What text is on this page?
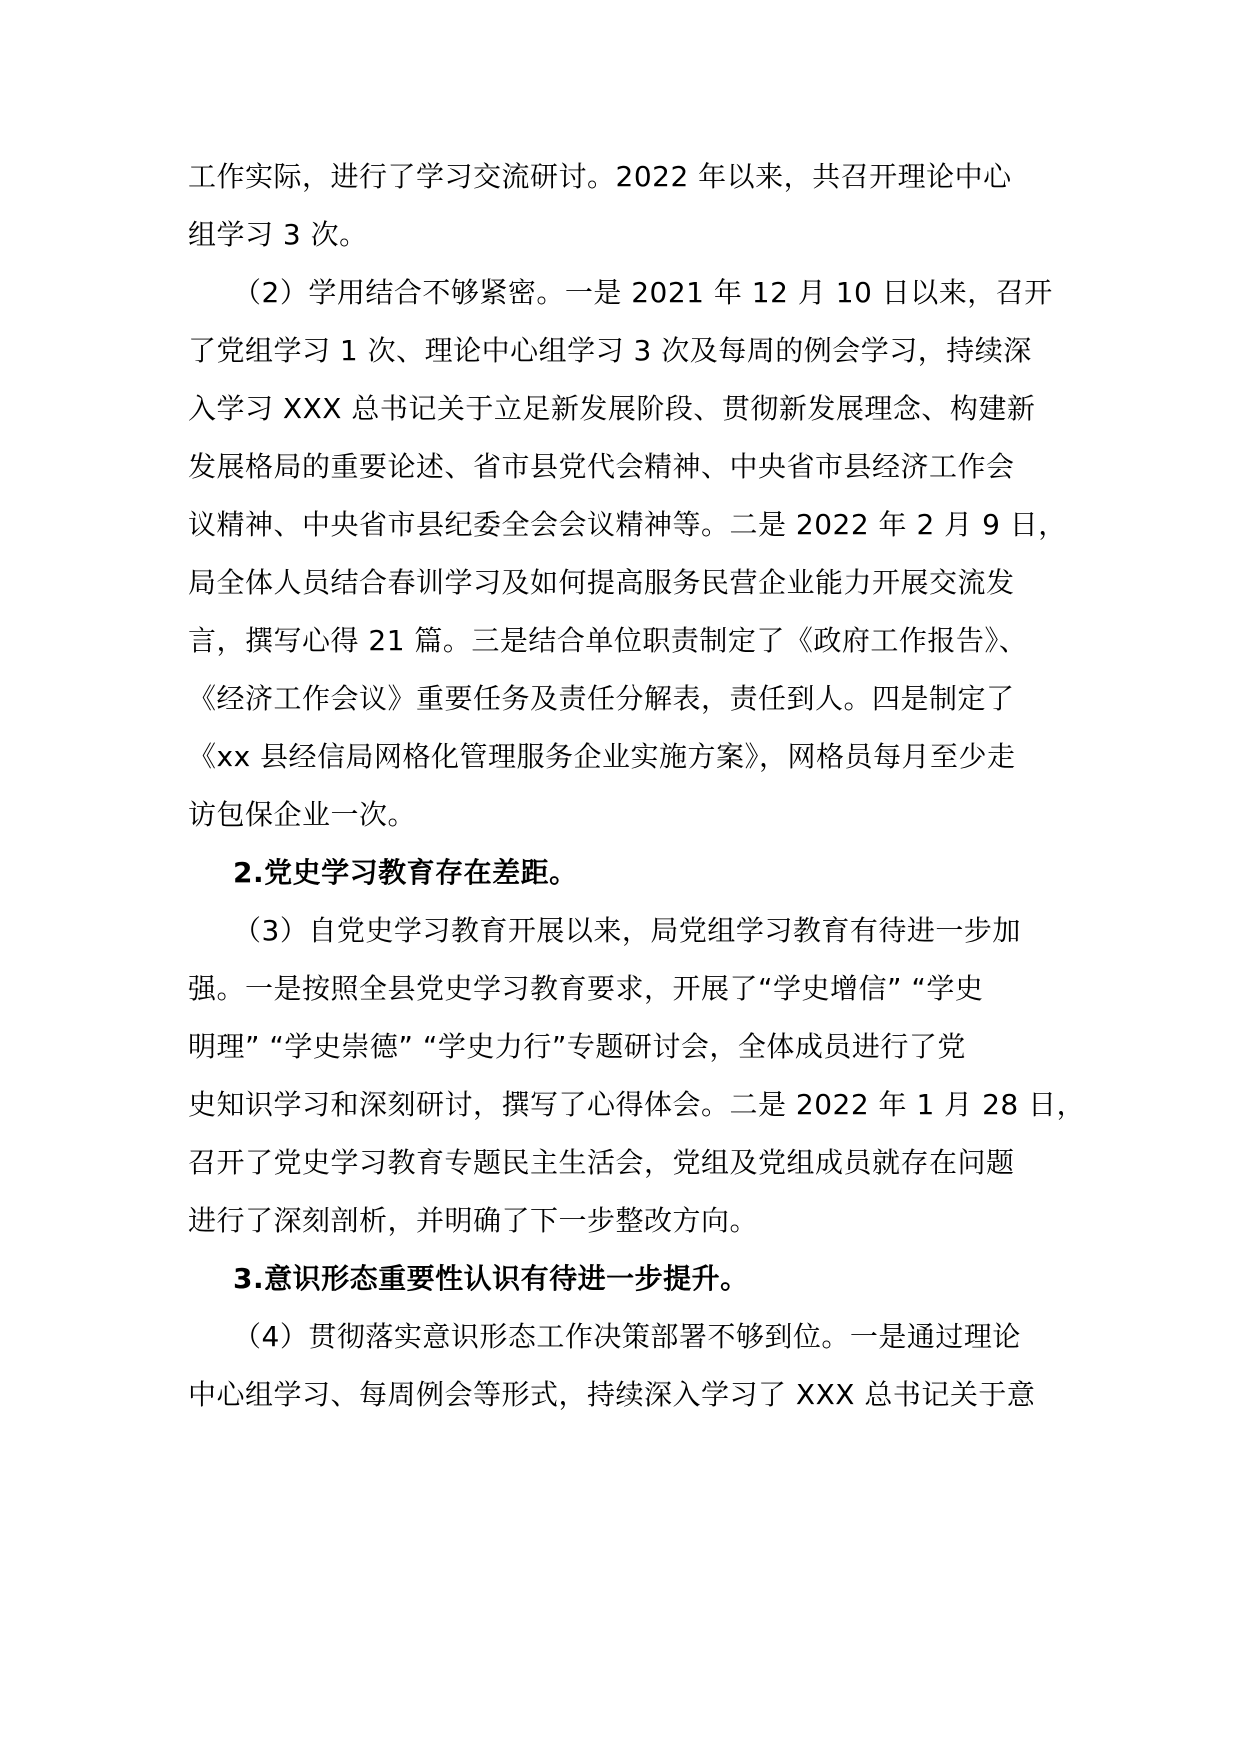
工作实际，进行了学习交流研讨。2022 年以来，共召开理论中心
组学习 3 次。
（2）学用结合不够紧密。一是 2021 年 12 月 10 日以来，召开
了党组学习 1 次、理论中心组学习 3 次及每周的例会学习，持续深
入学习 XXX 总书记关于立足新发展阶段、贯彻新发展理念、构建新
发展格局的重要论述、省市县党代会精神、中央省市县经济工作会
议精神、中央省市县纪委全会会议精神等。二是 2022 年 2 月 9 日，
局全体人员结合春训学习及如何提高服务民营企业能力开展交流发
言，撰写心得 21 篇。三是结合单位职责制定了《政府工作报告》、
《经济工作会议》重要任务及责任分解表，责任到人。四是制定了
《xx 县经信局网格化管理服务企业实施方案》，网格员每月至少走
访包保企业一次。
2.党史学习教育存在差距。
（3）自党史学习教育开展以来，局党组学习教育有待进一步加
强。一是按照全县党史学习教育要求，开展了“学史增信” “学史
明理” “学史崇德” “学史力行”专题研讨会，全体成员进行了党
史知识学习和深刻研讨，撰写了心得体会。二是 2022 年 1 月 28 日，
召开了党史学习教育专题民主生活会，党组及党组成员就存在问题
进行了深刻剖析，并明确了下一步整改方向。
3.意识形态重要性认识有待进一步提升。
（4）贯彻落实意识形态工作决策部署不够到位。一是通过理论
中心组学习、每周例会等形式，持续深入学习了 XXX 总书记关于意
